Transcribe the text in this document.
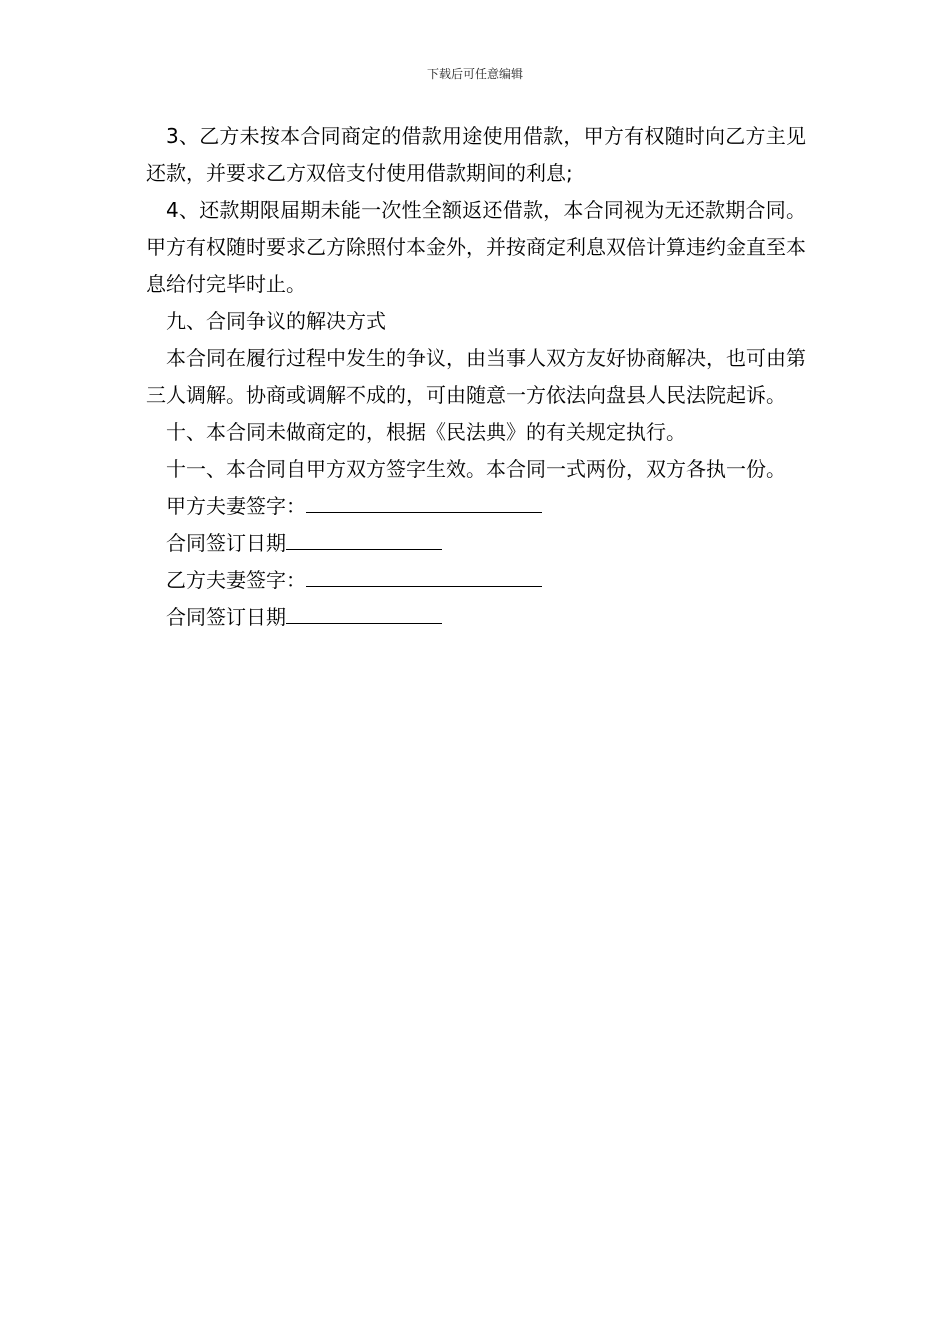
下载后可任意编辑

3、乙方未按本合同商定的借款用途使用借款，甲方有权随时向乙方主见还款，并要求乙方双倍支付使用借款期间的利息;

4、还款期限届期未能一次性全额返还借款，本合同视为无还款期合同。甲方有权随时要求乙方除照付本金外，并按商定利息双倍计算违约金直至本息给付完毕时止。

九、合同争议的解决方式

本合同在履行过程中发生的争议，由当事人双方友好协商解决，也可由第三人调解。协商或调解不成的，可由随意一方依法向盘县人民法院起诉。

十、本合同未做商定的，根据《民法典》的有关规定执行。

十一、本合同自甲方双方签字生效。本合同一式两份，双方各执一份。

甲方夫妻签字：

合同签订日期

乙方夫妻签字：

合同签订日期
